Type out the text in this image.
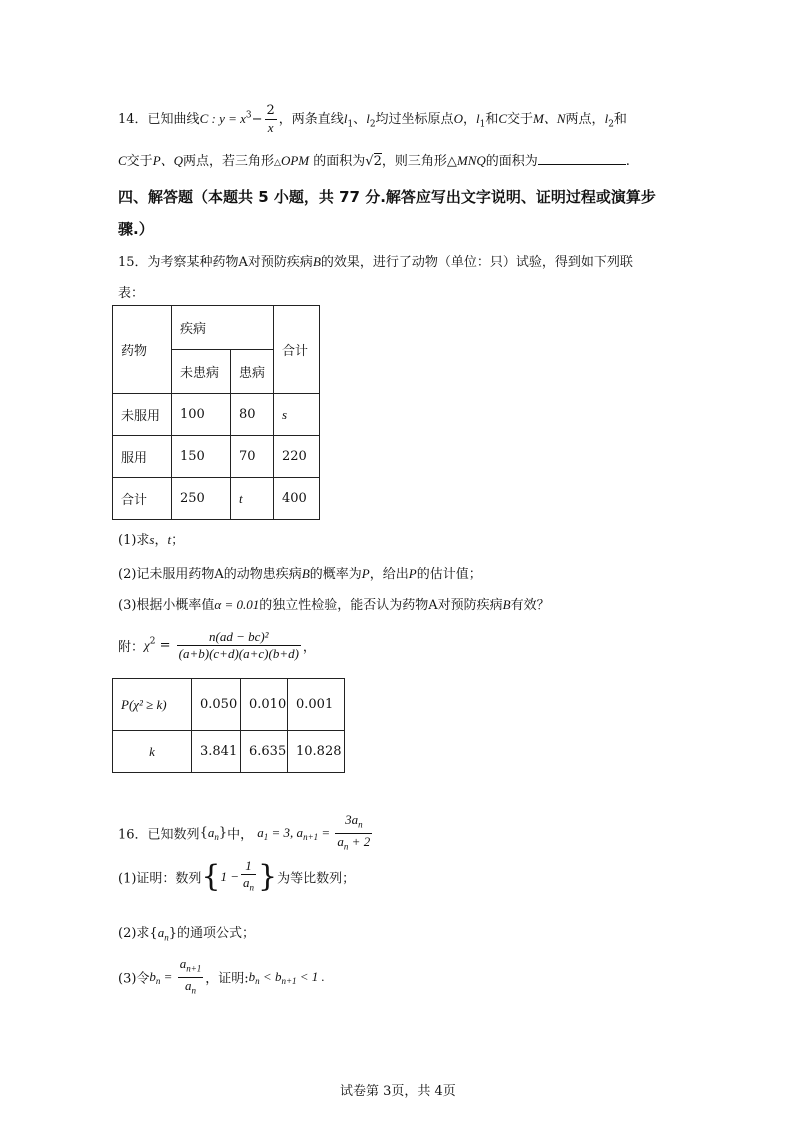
14．已知曲线C : $y = x^3- \frac{2}{x}$ ，两条直线$l_1$、$l_2$均过坐标原点O，$l_1$和C交于M、N两点，$l_2$和
C交于P、Q两点，若三角形△OPM 的面积为√2，则三角形△MNQ的面积为	.
四、解答题（本题共 5 小题，共 77 分.解答应写出文字说明、证明过程或演算步
骤.）
15．为考察某种药物A对预防疾病B的效果，进行了动物（单位：只）试验，得到如下列联
表：
药物	疾病		合计
	未患病	患病	
未服用	100	80	s
服用	150	70	220
合计	250	t	400
(1)求s，t；
(2)记未服用药物A的动物患疾病B的概率为P，给出P的估计值；
(3)根据小概率值α = 0.01的独立性检验，能否认为药物A对预防疾病B有效？
附：$\chi^2 = \frac{\text{n(ad − bc)²}}{(a+b)(c+d)(a+c)(b+d)}$ ，
P(χ² ≥ k)	0.050	0.010	0.001
k	3.841	6.635	10.828
16．已知数列$\{a_n\}$中， $a_1 = 3$, $a_{n+1} = \frac{3a_n}{a_n + 2}$
(1)证明：数列{$1 - \frac{1}{a_n}$ }为等比数列；
(2)求$\{a_n\}$的通项公式；
(3)令$b_n = \frac{a_{n+1}}{a_n}$ ，证明$:b_n < b_{n+1} < 1$ .
试卷第 3页，共 4页
